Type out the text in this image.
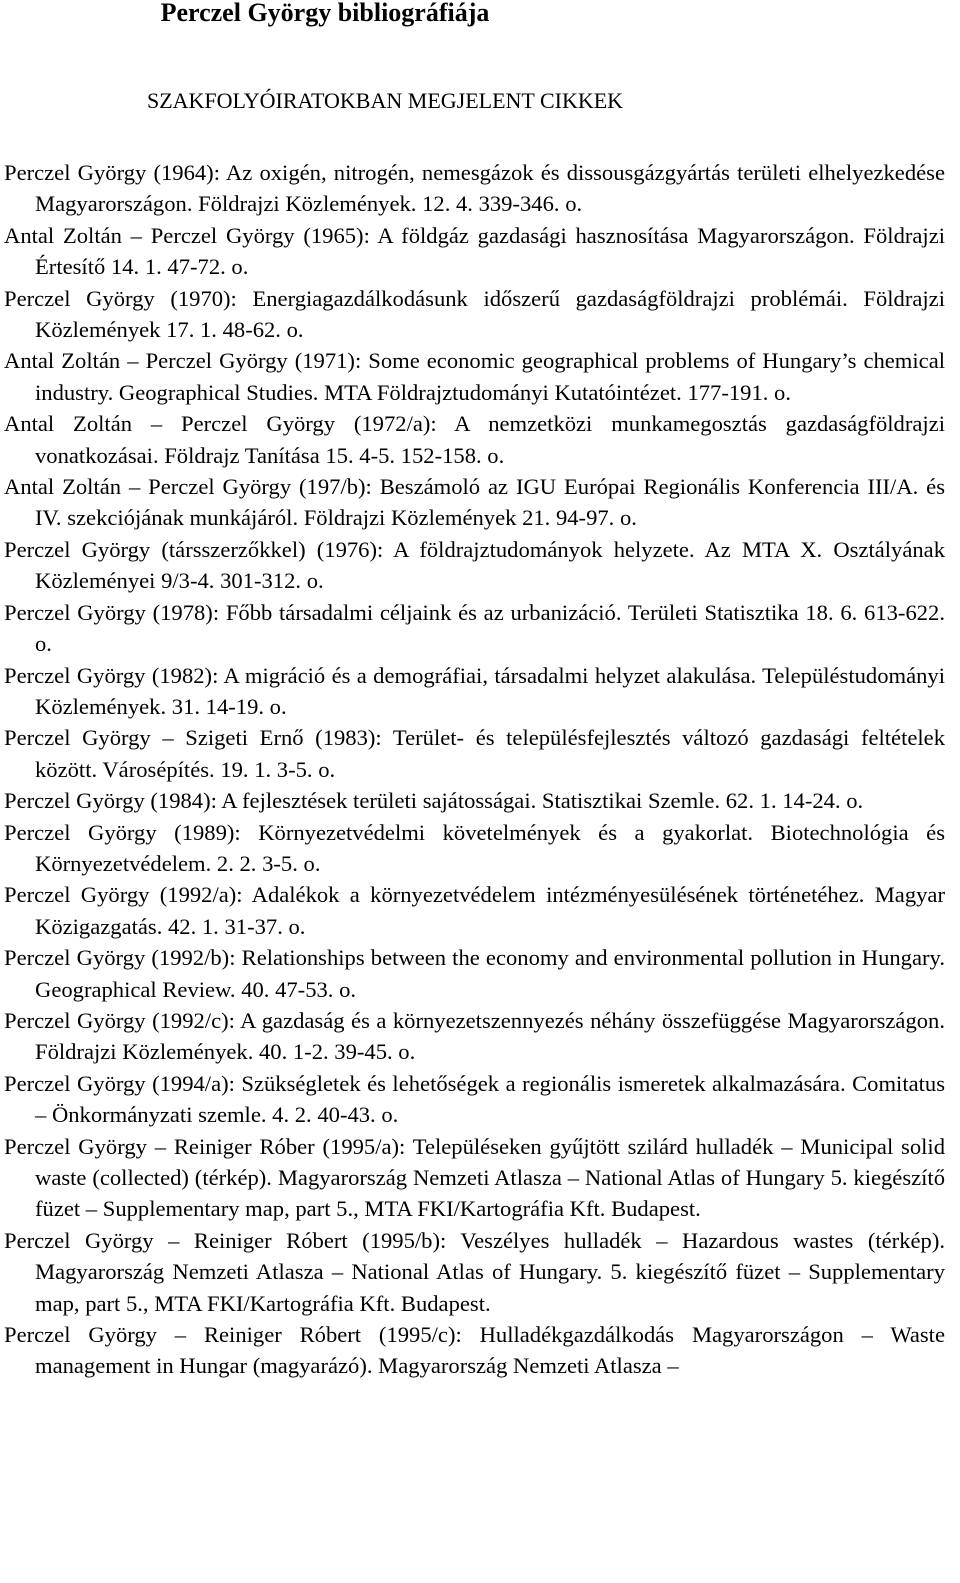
Perczel György bibliográfiája
SZAKFOLYÓIRATOKBAN MEGJELENT CIKKEK
Perczel György (1964): Az oxigén, nitrogén, nemesgázok és dissousgázgyártás területi elhelyezkedése Magyarországon. Földrajzi Közlemények. 12. 4. 339-346. o.
Antal Zoltán – Perczel György (1965): A földgáz gazdasági hasznosítása Magyarországon. Földrajzi Értesítő 14. 1. 47-72. o.
Perczel György (1970): Energiagazdálkodásunk időszerű gazdaságföldrajzi problémái. Földrajzi Közlemények 17. 1. 48-62. o.
Antal Zoltán – Perczel György (1971): Some economic geographical problems of Hungary’s chemical industry. Geographical Studies. MTA Földrajztudományi Kutatóintézet. 177-191. o.
Antal Zoltán – Perczel György (1972/a): A nemzetközi munkamegosztás gazdaságföldrajzi vonatkozásai. Földrajz Tanítása 15. 4-5. 152-158. o.
Antal Zoltán – Perczel György (197/b): Beszámoló az IGU Európai Regionális Konferencia III/A. és IV. szekciójának munkájáról. Földrajzi Közlemények 21. 94-97. o.
Perczel György (társszerzőkkel) (1976): A földrajztudományok helyzete. Az MTA X. Osztályának Közleményei 9/3-4. 301-312. o.
Perczel György (1978): Főbb társadalmi céljaink és az urbanizáció. Területi Statisztika 18. 6. 613-622. o.
Perczel György (1982): A migráció és a demográfiai, társadalmi helyzet alakulása. Településtudományi Közlemények. 31. 14-19. o.
Perczel György – Szigeti Ernő (1983): Terület- és településfejlesztés változó gazdasági feltételek között. Városépítés. 19. 1. 3-5. o.
Perczel György (1984): A fejlesztések területi sajátosságai. Statisztikai Szemle. 62. 1. 14-24. o.
Perczel György (1989): Környezetvédelmi követelmények és a gyakorlat. Biotechnológia és Környezetvédelem. 2. 2. 3-5. o.
Perczel György (1992/a): Adalékok a környezetvédelem intézményesülésének történetéhez. Magyar Közigazgatás. 42. 1. 31-37. o.
Perczel György (1992/b): Relationships between the economy and environmental pollution in Hungary. Geographical Review. 40. 47-53. o.
Perczel György (1992/c): A gazdaság és a környezetszennyezés néhány összefüggése Magyarországon. Földrajzi Közlemények. 40. 1-2. 39-45. o.
Perczel György (1994/a): Szükségletek és lehetőségek a regionális ismeretek alkalmazására. Comitatus – Önkormányzati szemle. 4. 2. 40-43. o.
Perczel György – Reiniger Róber (1995/a): Településeken gyűjtött szilárd hulladék – Municipal solid waste (collected) (térkép). Magyarország Nemzeti Atlasza – National Atlas of Hungary 5. kiegészítő füzet – Supplementary map, part 5., MTA FKI/Kartográfia Kft. Budapest.
Perczel György – Reiniger Róbert (1995/b): Veszélyes hulladék – Hazardous wastes (térkép). Magyarország Nemzeti Atlasza – National Atlas of Hungary. 5. kiegészítő füzet – Supplementary map, part 5., MTA FKI/Kartográfia Kft. Budapest.
Perczel György – Reiniger Róbert (1995/c): Hulladékgazdálkodás Magyarországon – Waste management in Hungar (magyarázó). Magyarország Nemzeti Atlasza –
